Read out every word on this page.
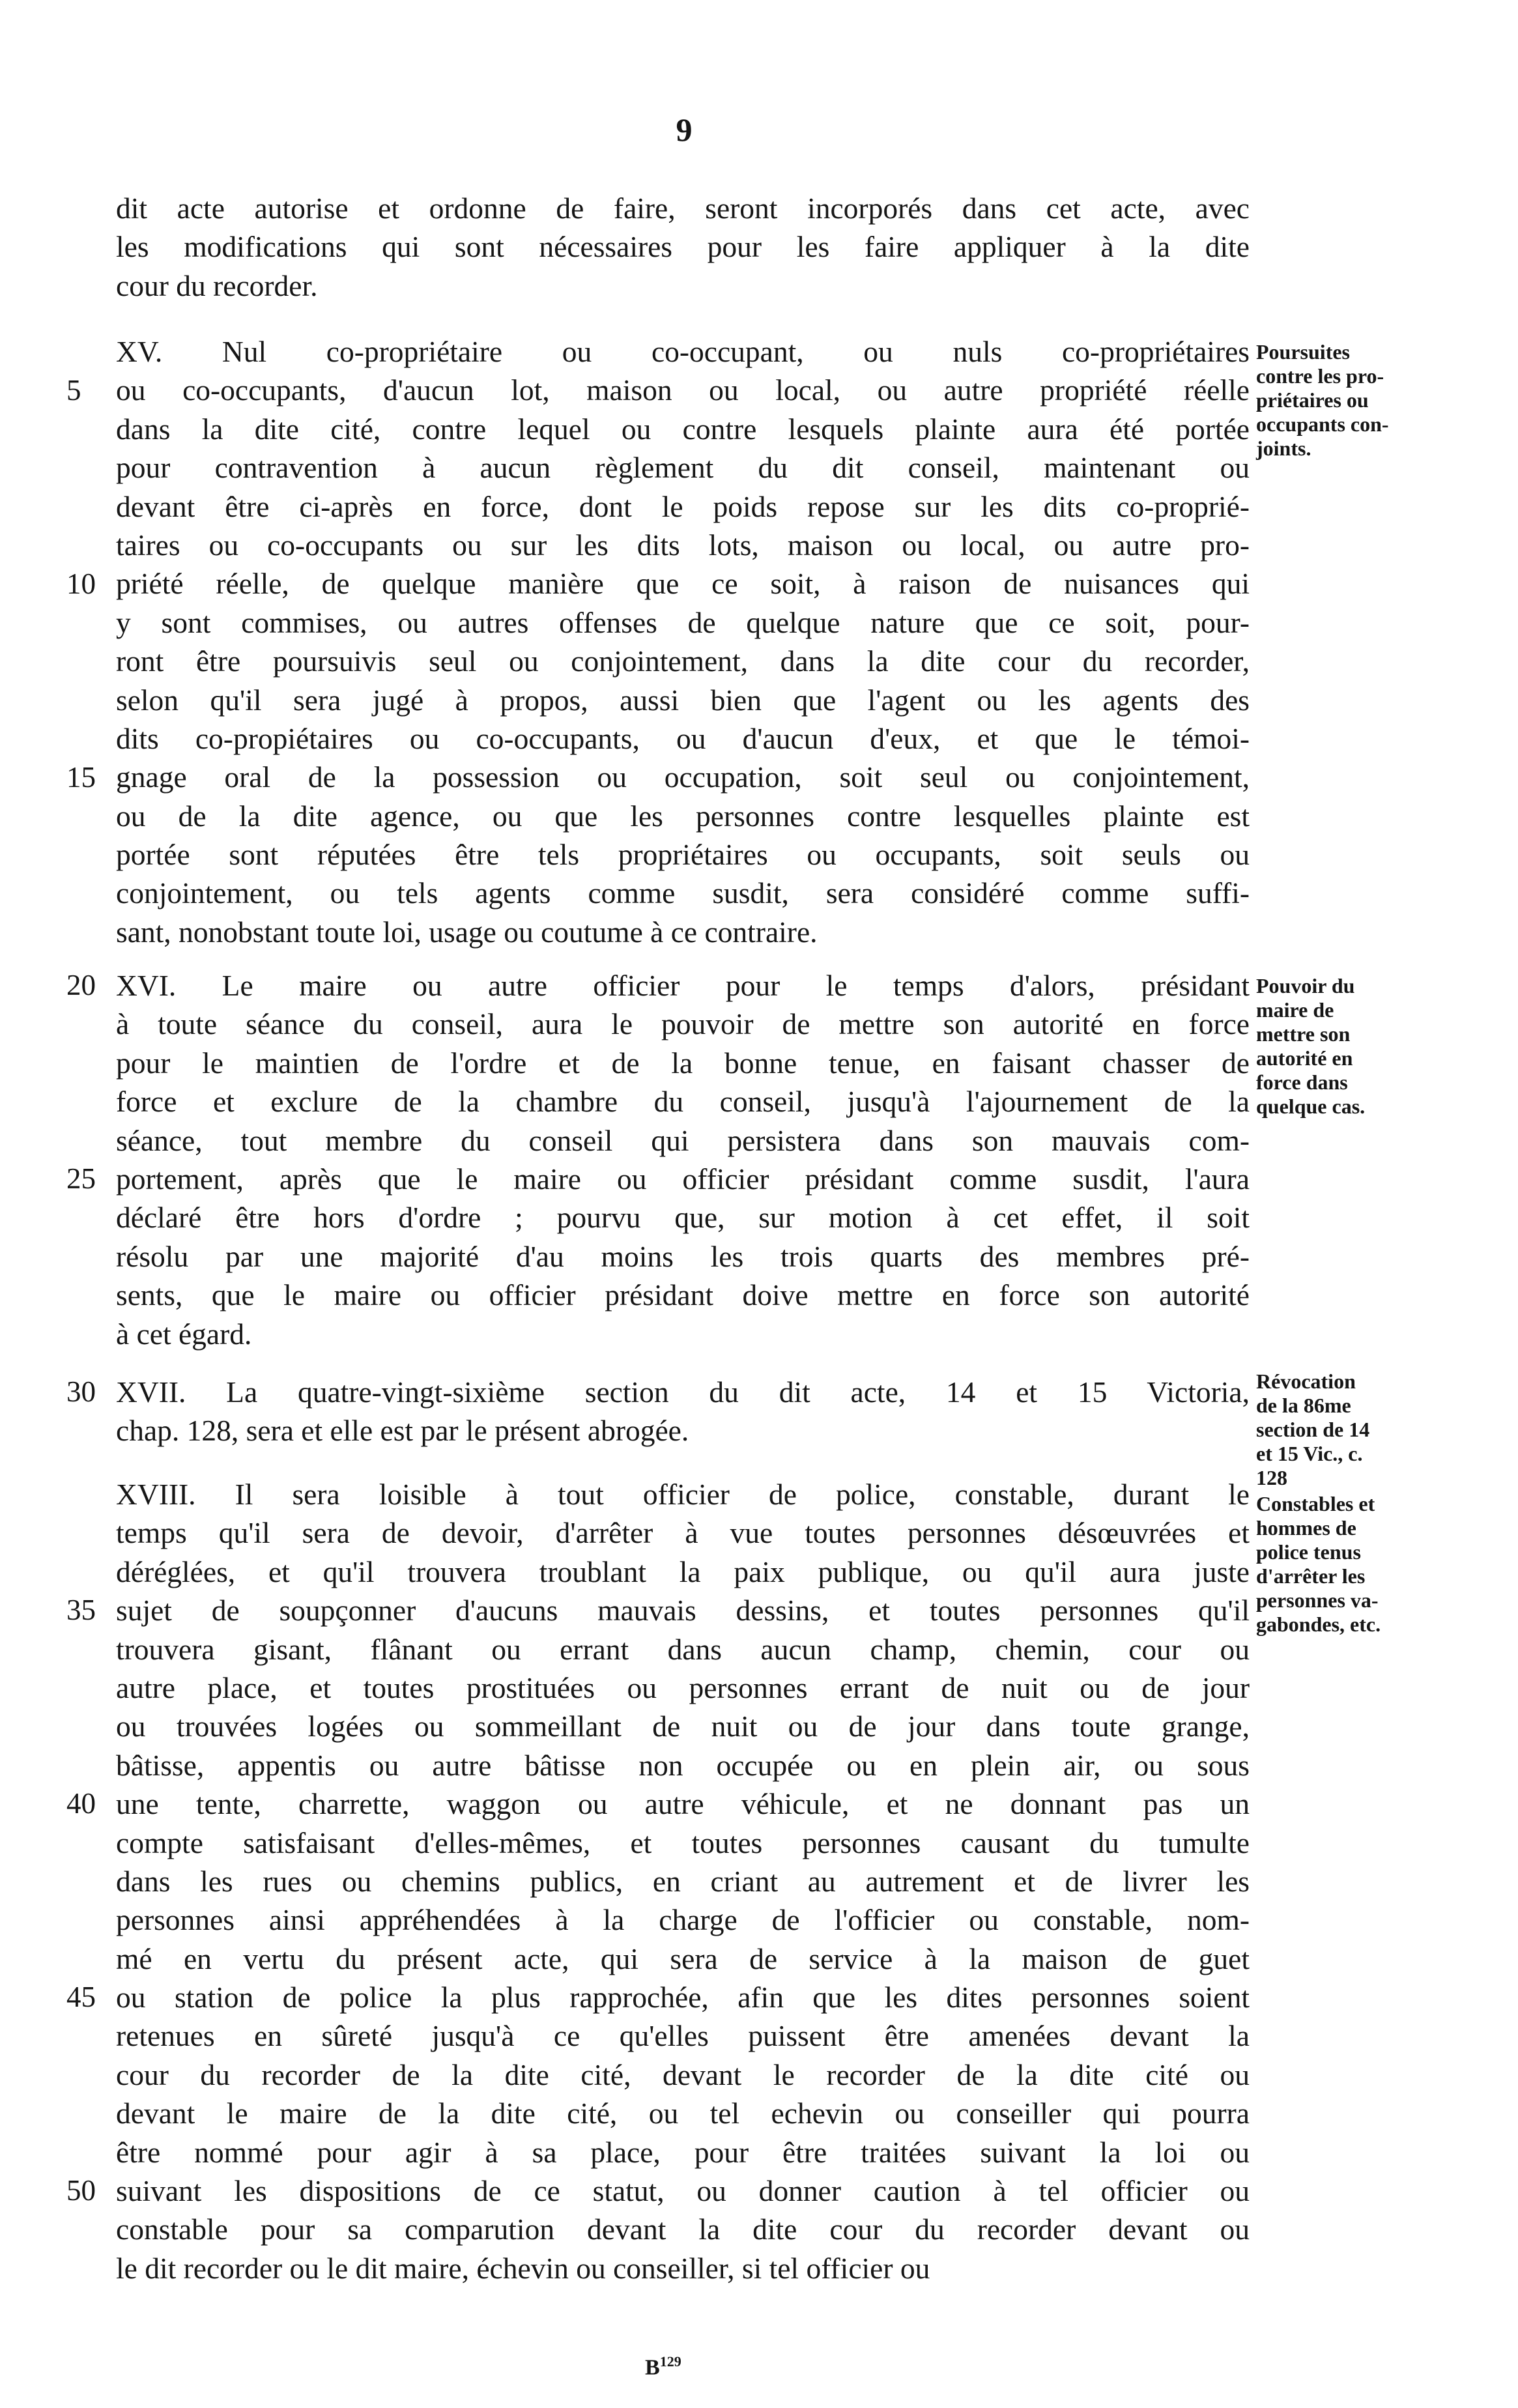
9
dit acte autorise et ordonne de faire, seront incorporés dans cet acte, avec
les modifications qui sont nécessaires pour les faire appliquer à la dite
cour du recorder.
XV. Nul co-propriétaire ou co-occupant, ou nuls co-propriétaires
ou co-occupants, d'aucun lot, maison ou local, ou autre propriété réelle
dans la dite cité, contre lequel ou contre lesquels plainte aura été portée
pour contravention à aucun règlement du dit conseil, maintenant ou
devant être ci-après en force, dont le poids repose sur les dits co-proprié-
taires ou co-occupants ou sur les dits lots, maison ou local, ou autre pro-
priété réelle, de quelque manière que ce soit, à raison de nuisances qui
y sont commises, ou autres offenses de quelque nature que ce soit, pour-
ront être poursuivis seul ou conjointement, dans la dite cour du recorder,
selon qu'il sera jugé à propos, aussi bien que l'agent ou les agents des
dits co-propiétaires ou co-occupants, ou d'aucun d'eux, et que le témoi-
gnage oral de la possession ou occupation, soit seul ou conjointement,
ou de la dite agence, ou que les personnes contre lesquelles plainte est
portée sont réputées être tels propriétaires ou occupants, soit seuls ou
conjointement, ou tels agents comme susdit, sera considéré comme suffi-
sant, nonobstant toute loi, usage ou coutume à ce contraire.
XVI. Le maire ou autre officier pour le temps d'alors, présidant
à toute séance du conseil, aura le pouvoir de mettre son autorité en force
pour le maintien de l'ordre et de la bonne tenue, en faisant chasser de
force et exclure de la chambre du conseil, jusqu'à l'ajournement de la
séance, tout membre du conseil qui persistera dans son mauvais com-
portement, après que le maire ou officier présidant comme susdit, l'aura
déclaré être hors d'ordre ; pourvu que, sur motion à cet effet, il soit
résolu par une majorité d'au moins les trois quarts des membres pré-
sents, que le maire ou officier présidant doive mettre en force son autorité
à cet égard.
XVII. La quatre-vingt-sixième section du dit acte, 14 et 15 Victoria,
chap. 128, sera et elle est par le présent abrogée.
XVIII. Il sera loisible à tout officier de police, constable, durant le
temps qu'il sera de devoir, d'arrêter à vue toutes personnes désœuvrées et
déréglées, et qu'il trouvera troublant la paix publique, ou qu'il aura juste
sujet de soupçonner d'aucuns mauvais dessins, et toutes personnes qu'il
trouvera gisant, flânant ou errant dans aucun champ, chemin, cour ou
autre place, et toutes prostituées ou personnes errant de nuit ou de jour
ou trouvées logées ou sommeillant de nuit ou de jour dans toute grange,
bâtisse, appentis ou autre bâtisse non occupée ou en plein air, ou sous
une tente, charrette, waggon ou autre véhicule, et ne donnant pas un
compte satisfaisant d'elles-mêmes, et toutes personnes causant du tumulte
dans les rues ou chemins publics, en criant au autrement et de livrer les
personnes ainsi appréhendées à la charge de l'officier ou constable, nom-
mé en vertu du présent acte, qui sera de service à la maison de guet
ou station de police la plus rapprochée, afin que les dites personnes soient
retenues en sûreté jusqu'à ce qu'elles puissent être amenées devant la
cour du recorder de la dite cité, devant le recorder de la dite cité ou
devant le maire de la dite cité, ou tel echevin ou conseiller qui pourra
être nommé pour agir à sa place, pour être traitées suivant la loi ou
suivant les dispositions de ce statut, ou donner caution à tel officier ou
constable pour sa comparution devant la dite cour du recorder devant ou
le dit recorder ou le dit maire, échevin ou conseiller, si tel officier ou
5
10
15
20
25
30
35
40
45
50
Poursuites
contre les pro-
priétaires ou
occupants con-
joints.
Pouvoir du
maire de
mettre son
autorité en
force dans
quelque cas.
Révocation
de la 86me
section de 14
et 15 Vic., c.
128
Constables et
hommes de
police tenus
d'arrêter les
personnes va-
gabondes, etc.
$B^{129}$
